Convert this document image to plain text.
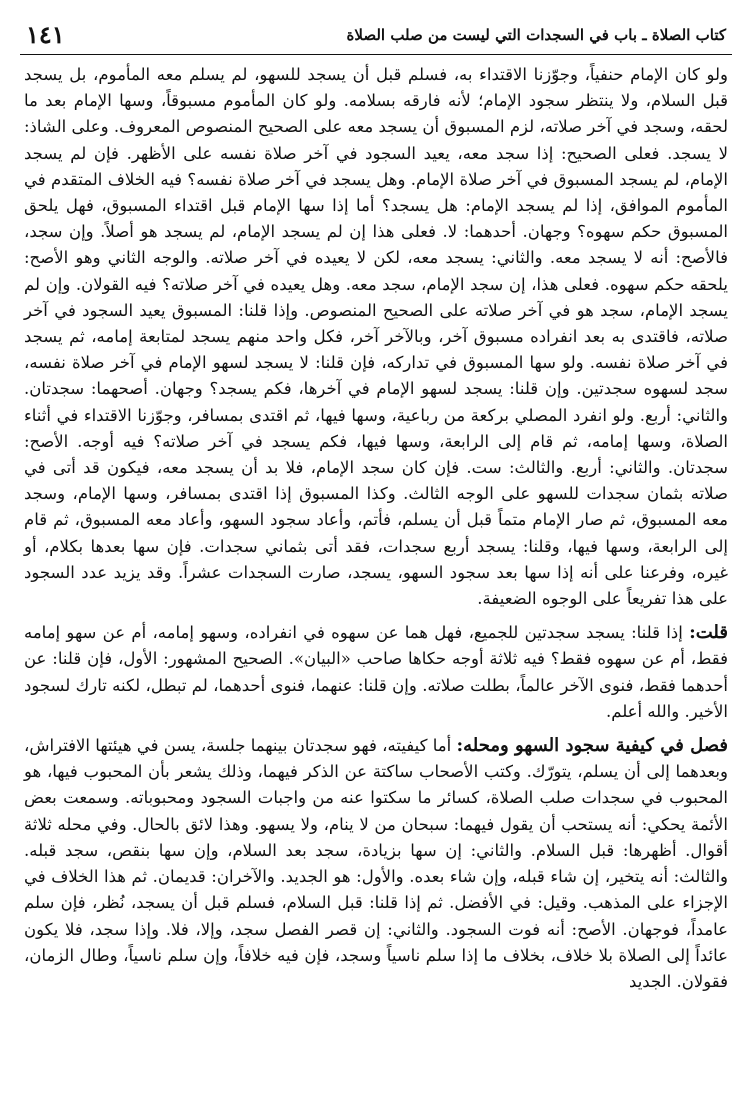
كتاب الصلاة ـ باب في السجدات التي ليست من صلب الصلاة
١٤١

ولو كان الإمام حنفياً، وجوّزنا الاقتداء به، فسلم قبل أن يسجد للسهو، لم يسلم معه المأموم، بل يسجد قبل السلام، ولا ينتظر سجود الإمام؛ لأنه فارقه بسلامه. ولو كان المأموم مسبوقاً، وسها الإمام بعد ما لحقه، وسجد في آخر صلاته، لزم المسبوق أن يسجد معه على الصحيح المنصوص المعروف. وعلى الشاذ: لا يسجد. فعلى الصحيح: إذا سجد معه، يعيد السجود في آخر صلاة نفسه على الأظهر. فإن لم يسجد الإمام، لم يسجد المسبوق في آخر صلاة الإمام. وهل يسجد في آخر صلاة نفسه؟ فيه الخلاف المتقدم في المأموم الموافق، إذا لم يسجد الإمام: هل يسجد؟ أما إذا سها الإمام قبل اقتداء المسبوق، فهل يلحق المسبوق حكم سهوه؟ وجهان. أحدهما: لا. فعلى هذا إن لم يسجد الإمام، لم يسجد هو أصلاً. وإن سجد، فالأصح: أنه لا يسجد معه. والثاني: يسجد معه، لكن لا يعيده في آخر صلاته. والوجه الثاني وهو الأصح: يلحقه حكم سهوه. فعلى هذا، إن سجد الإمام، سجد معه. وهل يعيده في آخر صلاته؟ فيه القولان. وإن لم يسجد الإمام، سجد هو في آخر صلاته على الصحيح المنصوص. وإذا قلنا: المسبوق يعيد السجود في آخر صلاته، فاقتدى به بعد انفراده مسبوق آخر، وبالآخر آخر، فكل واحد منهم يسجد لمتابعة إمامه، ثم يسجد في آخر صلاة نفسه. ولو سها المسبوق في تداركه، فإن قلنا: لا يسجد لسهو الإمام في آخر صلاة نفسه، سجد لسهوه سجدتين. وإن قلنا: يسجد لسهو الإمام في آخرها، فكم يسجد؟ وجهان. أصحهما: سجدتان. والثاني: أربع. ولو انفرد المصلي بركعة من رباعية، وسها فيها، ثم اقتدى بمسافر، وجوّزنا الاقتداء في أثناء الصلاة، وسها إمامه، ثم قام إلى الرابعة، وسها فيها، فكم يسجد في آخر صلاته؟ فيه أوجه. الأصح: سجدتان. والثاني: أربع. والثالث: ست. فإن كان سجد الإمام، فلا بد أن يسجد معه، فيكون قد أتى في صلاته بثمان سجدات للسهو على الوجه الثالث. وكذا المسبوق إذا اقتدى بمسافر، وسها الإمام، وسجد معه المسبوق، ثم صار الإمام متماً قبل أن يسلم، فأتم، وأعاد سجود السهو، وأعاد معه المسبوق، ثم قام إلى الرابعة، وسها فيها، وقلنا: يسجد أربع سجدات، فقد أتى بثماني سجدات. فإن سها بعدها بكلام، أو غيره، وفرعنا على أنه إذا سها بعد سجود السهو، يسجد، صارت السجدات عشراً. وقد يزيد عدد السجود على هذا تفريعاً على الوجوه الضعيفة.

قلت: إذا قلنا: يسجد سجدتين للجميع، فهل هما عن سهوه في انفراده، وسهو إمامه، أم عن سهو إمامه فقط، أم عن سهوه فقط؟ فيه ثلاثة أوجه حكاها صاحب «البيان». الصحيح المشهور: الأول، فإن قلنا: عن أحدهما فقط، فنوى الآخر عالماً، بطلت صلاته. وإن قلنا: عنهما، فنوى أحدهما، لم تبطل، لكنه تارك لسجود الأخير. والله أعلم.

فصل في كيفية سجود السهو ومحله: أما كيفيته، فهو سجدتان بينهما جلسة، يسن في هيئتها الافتراش، وبعدهما إلى أن يسلم، يتورّك. وكتب الأصحاب ساكتة عن الذكر فيهما، وذلك يشعر بأن المحبوب فيها، هو المحبوب في سجدات صلب الصلاة، كسائر ما سكتوا عنه من واجبات السجود ومحبوباته. وسمعت بعض الأئمة يحكي: أنه يستحب أن يقول فيهما: سبحان من لا ينام، ولا يسهو. وهذا لائق بالحال. وفي محله ثلاثة أقوال. أظهرها: قبل السلام. والثاني: إن سها بزيادة، سجد بعد السلام، وإن سها بنقص، سجد قبله. والثالث: أنه يتخير، إن شاء قبله، وإن شاء بعده. والأول: هو الجديد. والآخران: قديمان. ثم هذا الخلاف في الإجزاء على المذهب. وقيل: في الأفضل. ثم إذا قلنا: قبل السلام، فسلم قبل أن يسجد، نُظر، فإن سلم عامداً، فوجهان. الأصح: أنه فوت السجود. والثاني: إن قصر الفصل سجد، وإلا، فلا. وإذا سجد، فلا يكون عائداً إلى الصلاة بلا خلاف، بخلاف ما إذا سلم ناسياً وسجد، فإن فيه خلافاً، وإن سلم ناسياً، وطال الزمان، فقولان. الجديد
